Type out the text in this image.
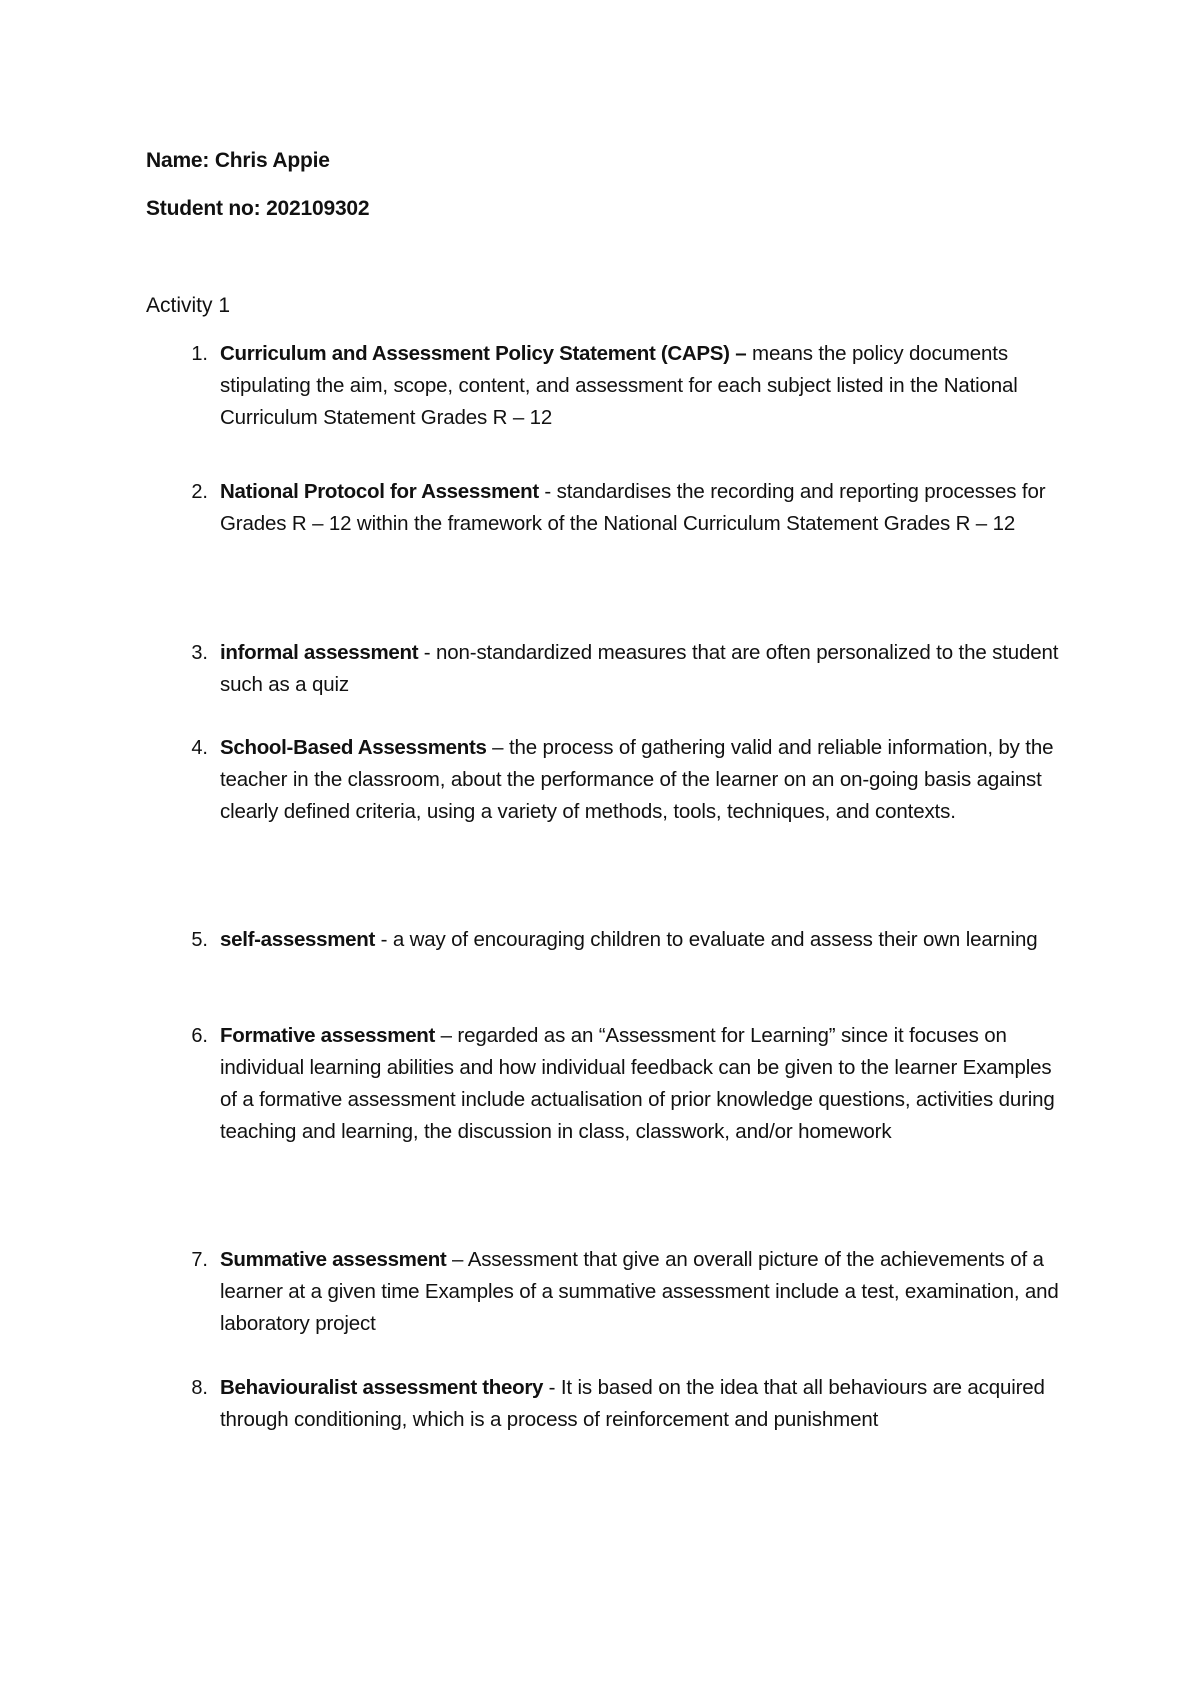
Name: Chris Appie
Student no: 202109302
Activity 1
1. Curriculum and Assessment Policy Statement (CAPS) – means the policy documents stipulating the aim, scope, content, and assessment for each subject listed in the National Curriculum Statement Grades R – 12
2. National Protocol for Assessment - standardises the recording and reporting processes for Grades R – 12 within the framework of the National Curriculum Statement Grades R – 12
3. informal assessment - non-standardized measures that are often personalized to the student such as a quiz
4. School-Based Assessments – the process of gathering valid and reliable information, by the teacher in the classroom, about the performance of the learner on an on-going basis against clearly defined criteria, using a variety of methods, tools, techniques, and contexts.
5. self-assessment - a way of encouraging children to evaluate and assess their own learning
6. Formative assessment – regarded as an “Assessment for Learning” since it focuses on individual learning abilities and how individual feedback can be given to the learner Examples of a formative assessment include actualisation of prior knowledge questions, activities during teaching and learning, the discussion in class, classwork, and/or homework
7. Summative assessment – Assessment that give an overall picture of the achievements of a learner at a given time Examples of a summative assessment include a test, examination, and laboratory project
8. Behaviouralist assessment theory - It is based on the idea that all behaviours are acquired through conditioning, which is a process of reinforcement and punishment
